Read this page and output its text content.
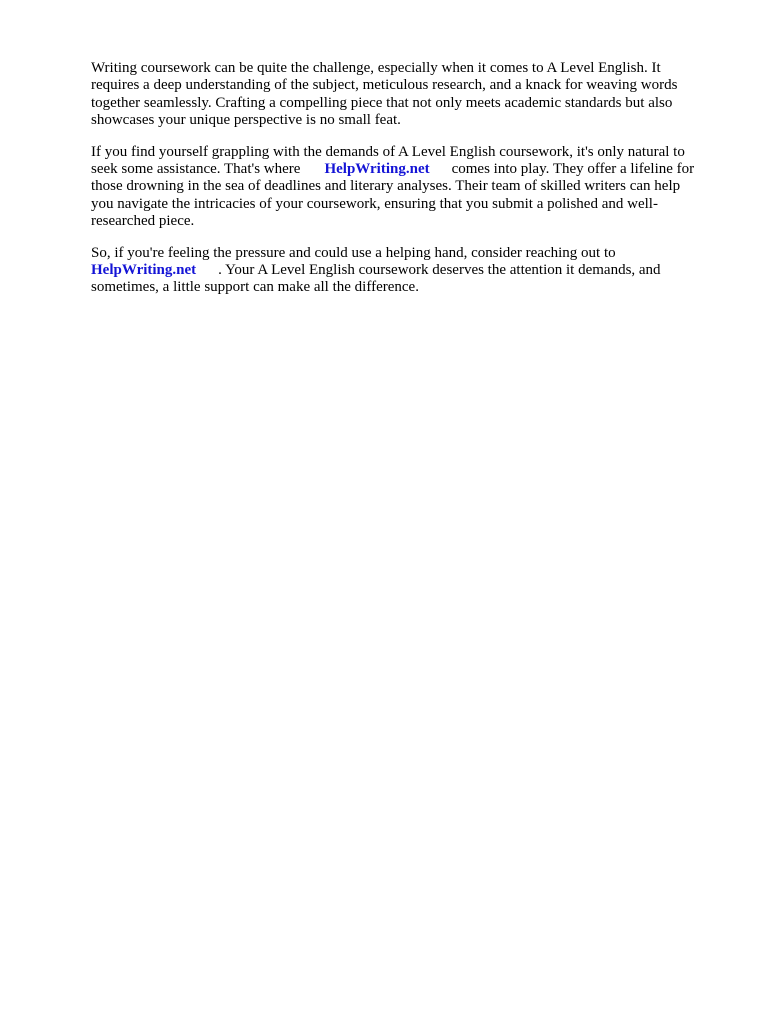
Writing coursework can be quite the challenge, especially when it comes to A Level English. It
requires a deep understanding of the subject, meticulous research, and a knack for weaving words
together seamlessly. Crafting a compelling piece that not only meets academic standards but also
showcases your unique perspective is no small feat.

If you find yourself grappling with the demands of A Level English coursework, it's only natural to
seek some assistance. That's where HelpWriting.net comes into play. They offer a lifeline for
those drowning in the sea of deadlines and literary analyses. Their team of skilled writers can help
you navigate the intricacies of your coursework, ensuring that you submit a polished and well-
researched piece.

So, if you're feeling the pressure and could use a helping hand, consider reaching out to
HelpWriting.net . Your A Level English coursework deserves the attention it demands, and
sometimes, a little support can make all the difference.
